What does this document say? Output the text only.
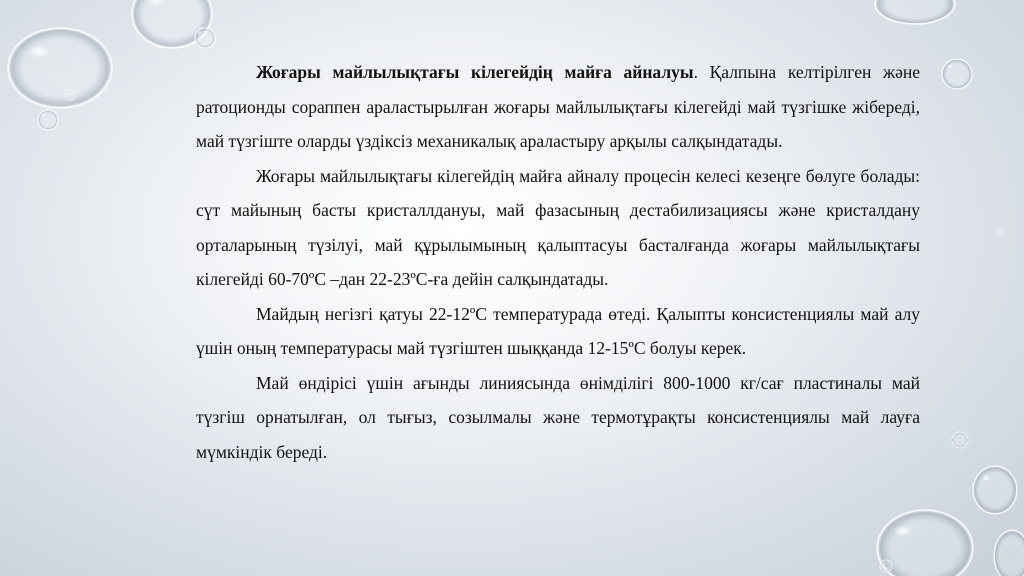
Жоғары майлылықтағы кілегейдің майға айналуы. Қалпына келтірілген және ратоционды сораппен араластырылған жоғары майлылықтағы кілегейді май түзгішке жібереді, май түзгіште оларды үздіксіз механикалық араластыру арқылы салқындатады.

Жоғары майлылықтағы кілегейдің майға айналу процесін келесі кезеңге бөлуге болады: сүт майының басты кристаллдануы, май фазасының дестабилизациясы және кристалдану орталарының түзілуі, май құрылымының қалыптасуы басталғанда жоғары майлылықтағы кілегейді 60-70ºС –дан 22-23ºС-ға дейін салқындатады.

Майдың негізгі қатуы 22-12ºС температурада өтеді. Қалыпты консистенциялы май алу үшін оның температурасы май түзгіштен шыққанда 12-15ºС болуы керек.

Май өндірісі үшін ағынды линиясында өнімділігі 800-1000 кг/сағ пластиналы май түзгіш орнатылған, ол тығыз, созылмалы және термотұрақты консистенциялы май лауға мүмкіндік береді.
